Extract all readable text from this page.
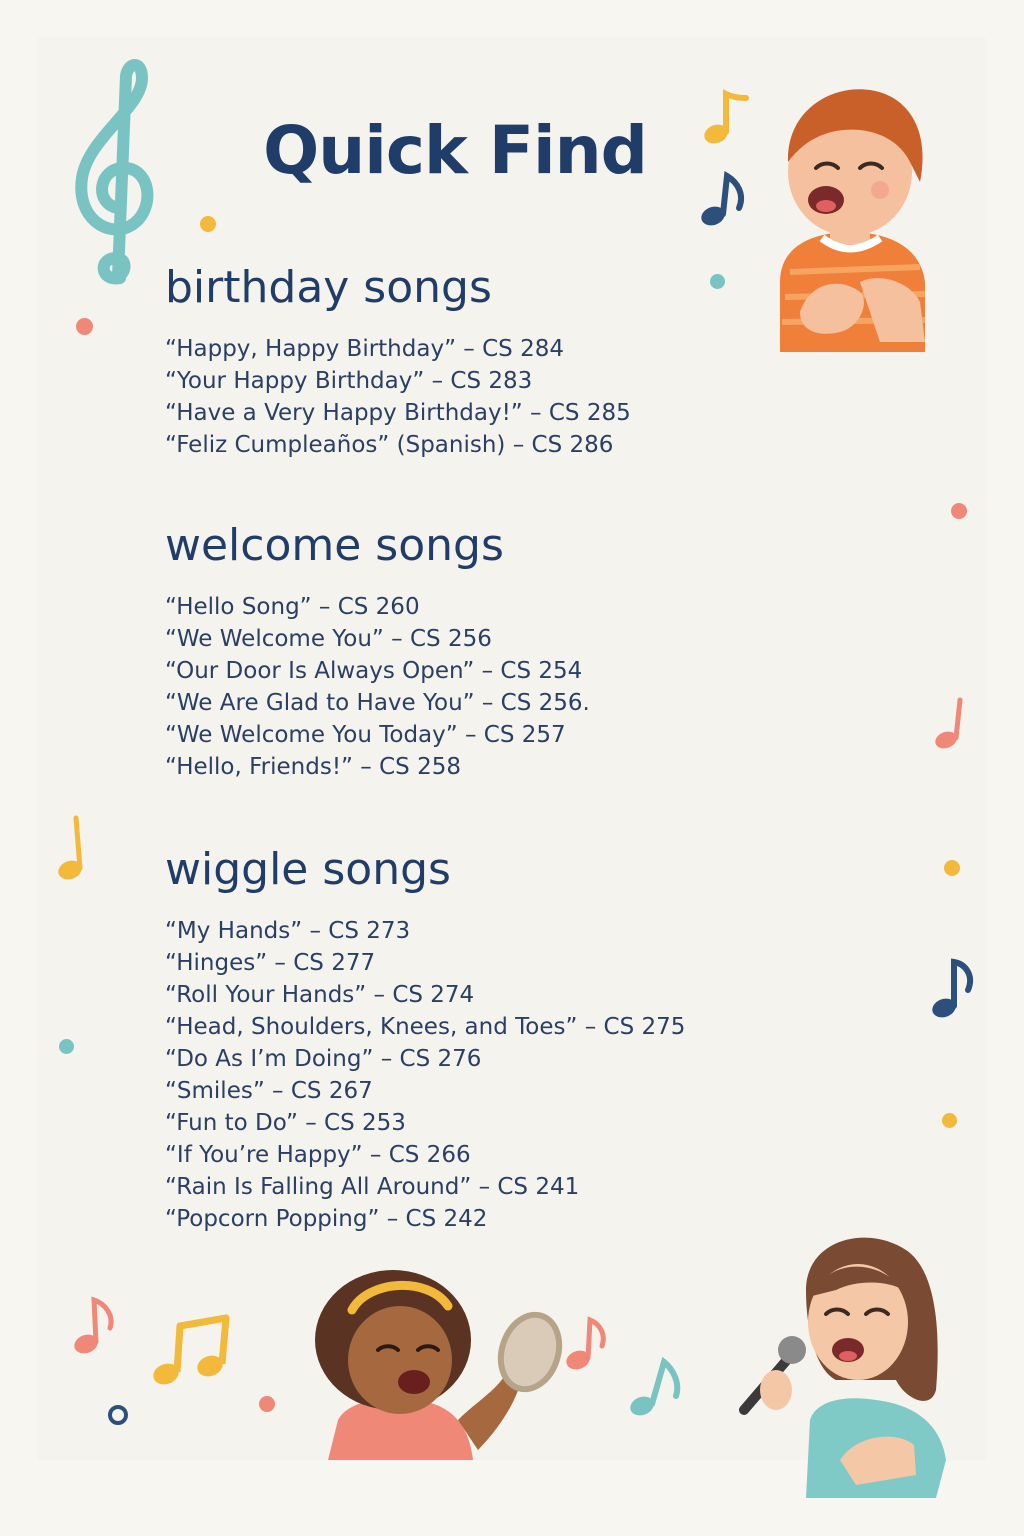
Quick Find
birthday songs
“Happy, Happy Birthday” – CS 284
“Your Happy Birthday” – CS 283
“Have a Very Happy Birthday!” – CS 285
“Feliz Cumpleaños” (Spanish) – CS 286
welcome songs
“Hello Song” – CS 260
“We Welcome You” – CS 256
“Our Door Is Always Open” – CS 254
“We Are Glad to Have You” – CS 256.
“We Welcome You Today” – CS 257
“Hello, Friends!” – CS 258
wiggle songs
“My Hands” – CS 273
“Hinges” – CS 277
“Roll Your Hands” – CS 274
“Head, Shoulders, Knees, and Toes” – CS 275
“Do As I’m Doing” – CS 276
“Smiles” – CS 267
“Fun to Do” – CS 253
“If You’re Happy” – CS 266
“Rain Is Falling All Around” – CS 241
“Popcorn Popping” – CS 242
